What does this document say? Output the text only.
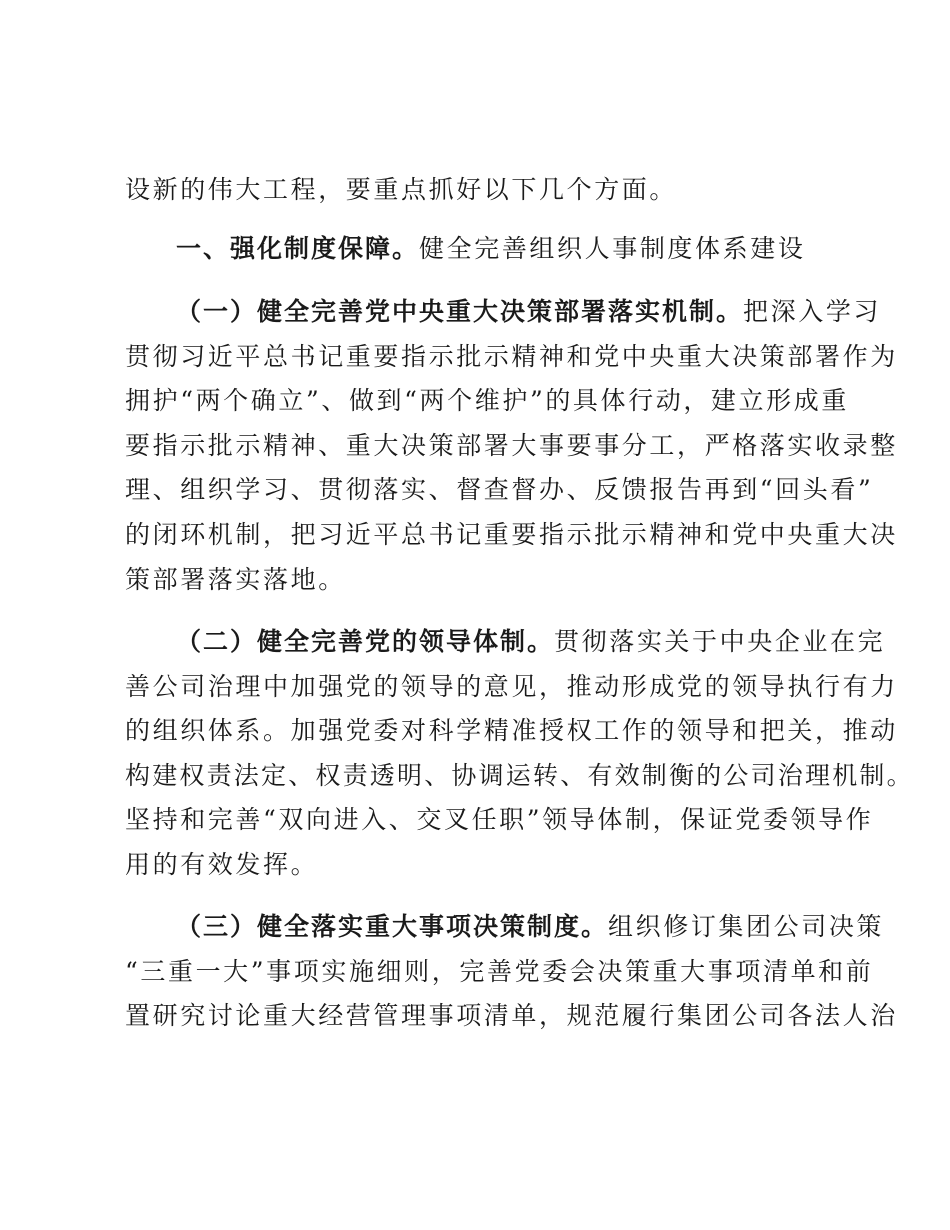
设新的伟大工程，要重点抓好以下几个方面。
一、强化制度保障。健全完善组织人事制度体系建设
（一）健全完善党中央重大决策部署落实机制。把深入学习
贯彻习近平总书记重要指示批示精神和党中央重大决策部署作为
拥护“两个确立”、做到“两个维护”的具体行动，建立形成重
要指示批示精神、重大决策部署大事要事分工，严格落实收录整
理、组织学习、贯彻落实、督查督办、反馈报告再到“回头看”
的闭环机制，把习近平总书记重要指示批示精神和党中央重大决
策部署落实落地。
（二）健全完善党的领导体制。贯彻落实关于中央企业在完
善公司治理中加强党的领导的意见，推动形成党的领导执行有力
的组织体系。加强党委对科学精准授权工作的领导和把关，推动
构建权责法定、权责透明、协调运转、有效制衡的公司治理机制。
坚持和完善“双向进入、交叉任职”领导体制，保证党委领导作
用的有效发挥。
（三）健全落实重大事项决策制度。组织修订集团公司决策
“三重一大”事项实施细则，完善党委会决策重大事项清单和前
置研究讨论重大经营管理事项清单，规范履行集团公司各法人治
